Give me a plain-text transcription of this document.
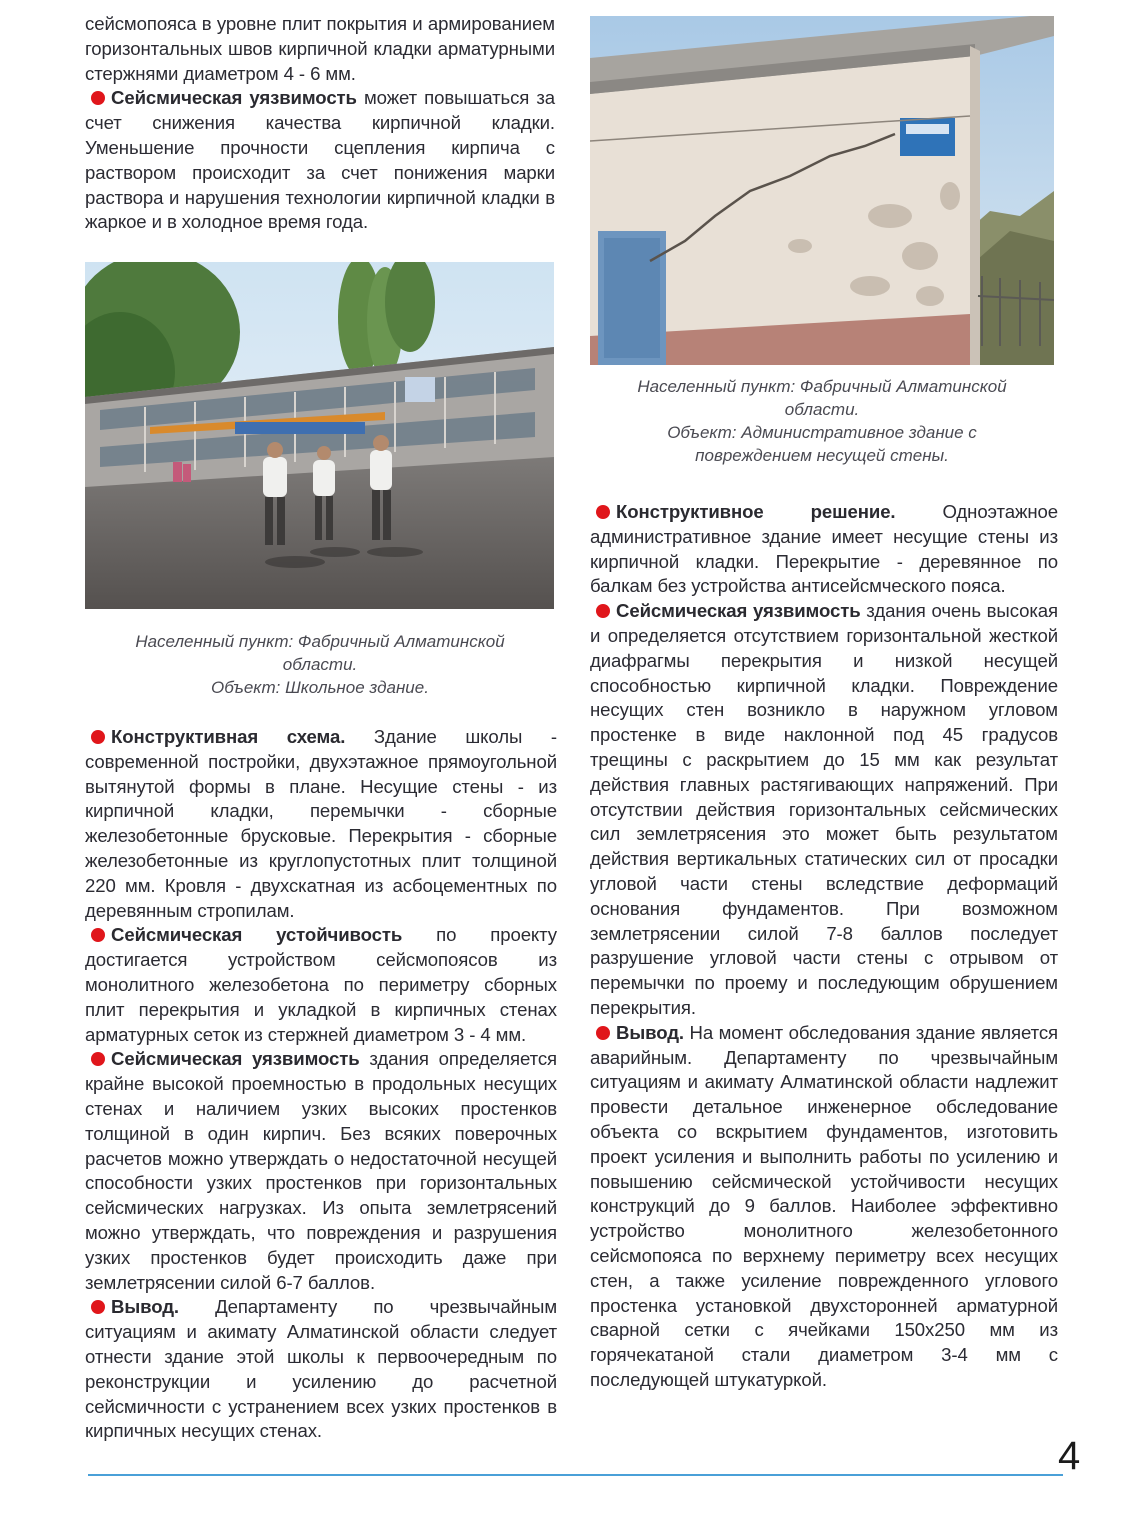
сейсмопояса в уровне плит покрытия и армированием горизонтальных швов кирпичной кладки арматурными стержнями диаметром 4 - 6 мм.

Сейсмическая уязвимость может повышаться за счет снижения качества кирпичной кладки. Уменьшение прочности сцепления кирпича с раствором происходит за счет понижения марки раствора и нарушения технологии кирпичной кладки в жаркое и в холодное время года.

Населенный пункт: Фабричный Алматинской
области.
Объект: Школьное здание.

Конструктивная схема. Здание школы - современной постройки, двухэтажное прямоугольной вытянутой формы в плане. Несущие стены - из кирпичной кладки, перемычки - сборные железобетонные брусковые. Перекрытия - сборные железобетонные из круглопустотных плит толщиной 220 мм. Кровля - двухскатная из асбоцементных по деревянным стропилам.

Сейсмическая устойчивость по проекту достигается устройством сейсмопоясов из монолитного железобетона по периметру сборных плит перекрытия и укладкой в кирпичных стенах арматурных сеток из стержней диаметром 3 - 4 мм.

Сейсмическая уязвимость здания определяется крайне высокой проемностью в продольных несущих стенах и наличием узких высоких простенков толщиной в один кирпич. Без всяких поверочных расчетов можно утверждать о недостаточной несущей способности узких простенков при горизонтальных сейсмических нагрузках. Из опыта землетрясений можно утверждать, что повреждения и разрушения узких простенков будет происходить даже при землетрясении силой 6-7 баллов.

Вывод. Департаменту по чрезвычайным ситуациям и акимату Алматинской области следует отнести здание этой школы к первоочередным по реконструкции и усилению до расчетной сейсмичности с устранением всех узких простенков в кирпичных несущих стенах.

Населенный пункт: Фабричный Алматинской
области.
Объект: Административное здание с
повреждением несущей стены.

Конструктивное решение. Одноэтажное административное здание имеет несущие стены из кирпичной кладки. Перекрытие - деревянное по балкам без устройства антисейсмческого пояса.

Сейсмическая уязвимость здания очень высокая и определяется отсутствием горизонтальной жесткой диафрагмы перекрытия и низкой несущей способностью кирпичной кладки. Повреждение несущих стен возникло в наружном угловом простенке в виде наклонной под 45 градусов трещины с раскрытием до 15 мм как результат действия главных растягивающих напряжений. При отсутствии действия горизонтальных сейсмических сил землетрясения это может быть результатом действия вертикальных статических сил от просадки угловой части стены вследствие деформаций основания фундаментов. При возможном землетрясении силой 7-8 баллов последует разрушение угловой части стены с отрывом от перемычки по проему и последующим обрушением перекрытия.

Вывод. На момент обследования здание является аварийным. Департаменту по чрезвычайным ситуациям и акимату Алматинской области надлежит провести детальное инженерное обследование объекта со вскрытием фундаментов, изготовить проект усиления и выполнить работы по усилению и повышению сейсмической устойчивости несущих конструкций до 9 баллов. Наиболее эффективно устройство монолитного железобетонного сейсмопояса по верхнему периметру всех несущих стен, а также усиление поврежденного углового простенка установкой двухсторонней арматурной сварной сетки с ячейками 150х250 мм из горячекатаной стали диаметром 3-4 мм с последующей штукатуркой.

4
